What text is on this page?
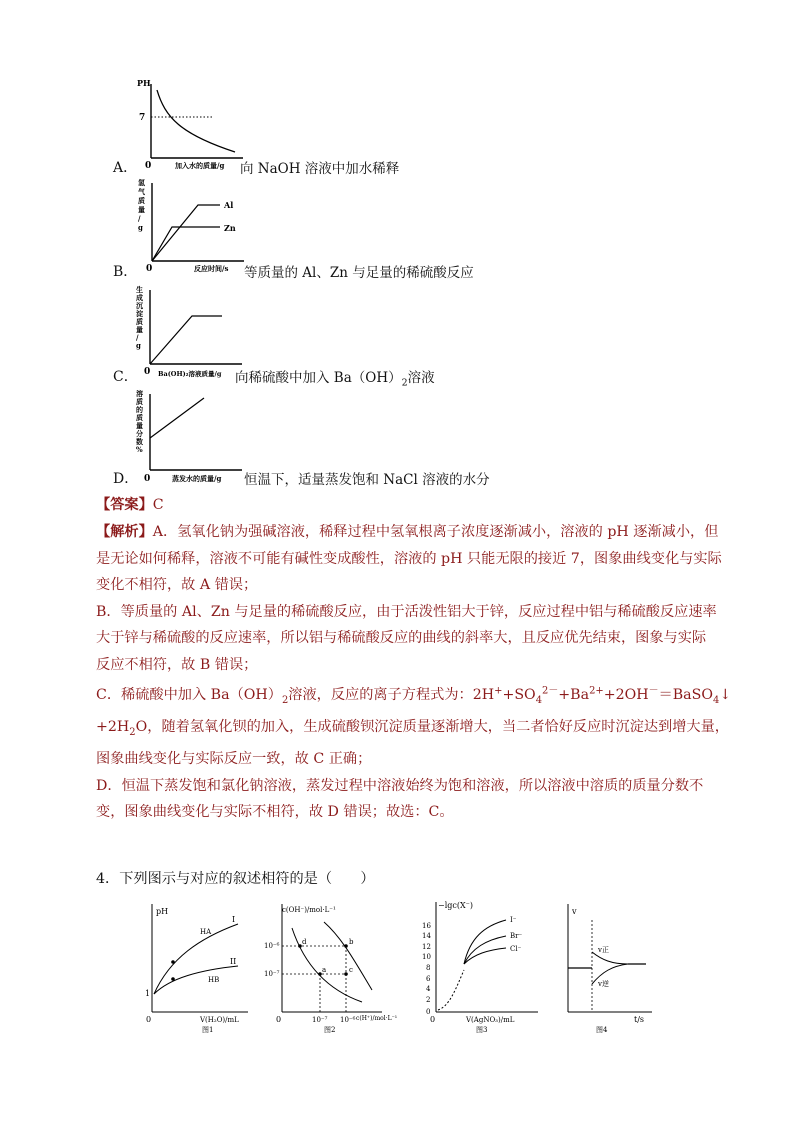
PH
7
0	加入水的质量/g
A．	向 NaOH 溶液中加水稀释
氢气质量/ g
Al
Zn
0	反应时间/s
B．	等质量的 Al、Zn 与足量的稀硫酸反应
生成沉淀质量/ g
0 Ba(OH)₂溶液质量/g
C．	向稀硫酸中加入 $Ba(OH)_2$溶液
溶质的质量分数%
0	蒸发水的质量/g
D．	恒温下，适量蒸发饱和 NaCl 溶液的水分
【答案】C
【解析】A．氢氧化钠为强碱溶液，稀释过程中氢氧根离子浓度逐渐减小，溶液的 pH 逐渐减小，但
是无论如何稀释，溶液不可能有碱性变成酸性，溶液的 pH 只能无限的接近 7，图象曲线变化与实际
变化不相符，故 A 错误；
B．等质量的 Al、Zn 与足量的稀硫酸反应，由于活泼性铝大于锌，反应过程中铝与稀硫酸反应速率
大于锌与稀硫酸的反应速率，所以铝与稀硫酸反应的曲线的斜率大，且反应优先结束，图象与实际
反应不相符，故 B 错误；
C．稀硫酸中加入 $Ba(OH)_2$溶液，反应的离子方程式为：$2H^++SO_4^{2-}+Ba^{2+}+2OH^-=BaSO_4↓$
$+2H_2O$，随着氢氧化钡的加入，生成硫酸钡沉淀质量逐渐增大，当二者恰好反应时沉淀达到增大量，
图象曲线变化与实际反应一致，故 C 正确；
D．恒温下蒸发饱和氯化钠溶液，蒸发过程中溶液始终为饱和溶液，所以溶液中溶质的质量分数不
变，图象曲线变化与实际不相符，故 D 错误；故选：C。
4．下列图示与对应的叙述相符的是（　　）
pH
I
II
HA
HB
1
0	V(H₂O)/mL
图1
c(OH⁻)/mol·L⁻¹
d	b
a	c
10⁻⁶
10⁻⁷
0	10⁻⁷ 10⁻⁶ c(H⁺)/mol·L⁻¹
图2
−lgc(X⁻)
16
14
12
10
8
6
4
2
0
I⁻
Br⁻
Cl⁻
0	V(AgNO₃)/mL
图3
v
v正
v逆
t/s
图4
